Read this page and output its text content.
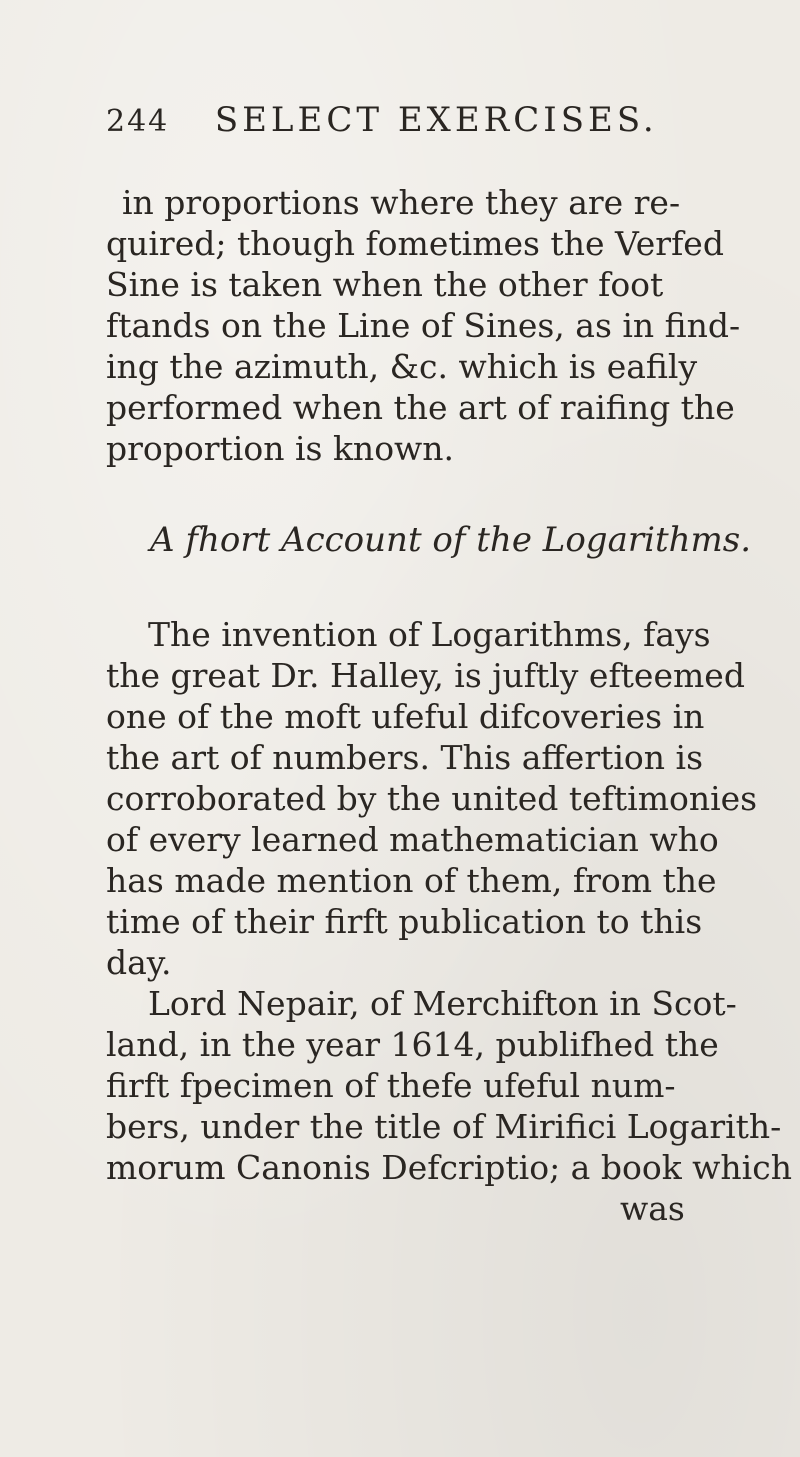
244 SELECT EXERCISES.
in proportions where they are re-
quired; though fometimes the Verfed
Sine is taken when the other foot
ftands on the Line of Sines, as in find-
ing the azimuth, &c. which is eafily
performed when the art of raifing the
proportion is known.
A fhort Account of the Logarithms.
The invention of Logarithms, fays
the great Dr. Halley, is juftly efteemed
one of the moft ufeful difcoveries in
the art of numbers. This affertion is
corroborated by the united teftimonies
of every learned mathematician who
has made mention of them, from the
time of their firft publication to this
day.
Lord Nepair, of Merchifton in Scot-
land, in the year 1614, publifhed the
firft fpecimen of thefe ufeful num-
bers, under the title of Mirifici Logarith-
morum Canonis Defcriptio; a book which
was
